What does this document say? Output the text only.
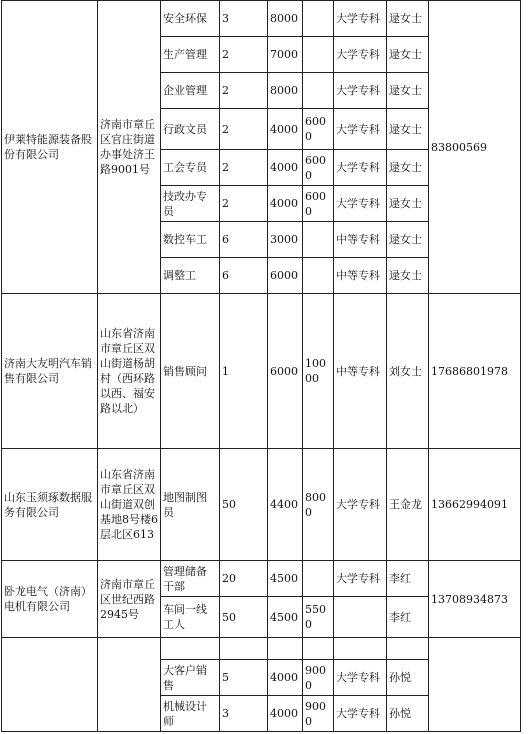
伊莱特能源装备股份有限公司	济南市章丘区官庄街道办事处济王路9001号	安全环保	3	8000		大学专科	逯女士	83800569
		生产管理	2	7000		大学专科	逯女士	
		企业管理	2	8000		大学专科	逯女士	
		行政文员	2	4000	6000	大学专科	逯女士	
		工会专员	2	4000	6000	大学专科	逯女士	
		技改办专员	2	4000	6000	大学专科	逯女士	
		数控车工	6	3000		中等专科	逯女士	
		调整工	6	6000		中等专科	逯女士	
济南大友明汽车销售有限公司	山东省济南市章丘区双山街道杨胡村（西环路以西、福安路以北）	销售顾问	1	6000	10000	中等专科	刘女士	17686801978
山东玉须琢数据服务有限公司	山东省济南市章丘区双山街道双创基地8号楼6层北区613	地图制图员	50	4400	8000	大学专科	王金龙	13662994091
卧龙电气（济南）电机有限公司	济南市章丘区世纪西路2945号	管理储备干部	20	4500		大学专科	李红	13708934873
		车间一线工人	50	4500	5500		李红	

		大客户销售	5	4000	9000	大学专科	孙悦	
		机械设计师	3	4000	9000	大学专科	孙悦	
